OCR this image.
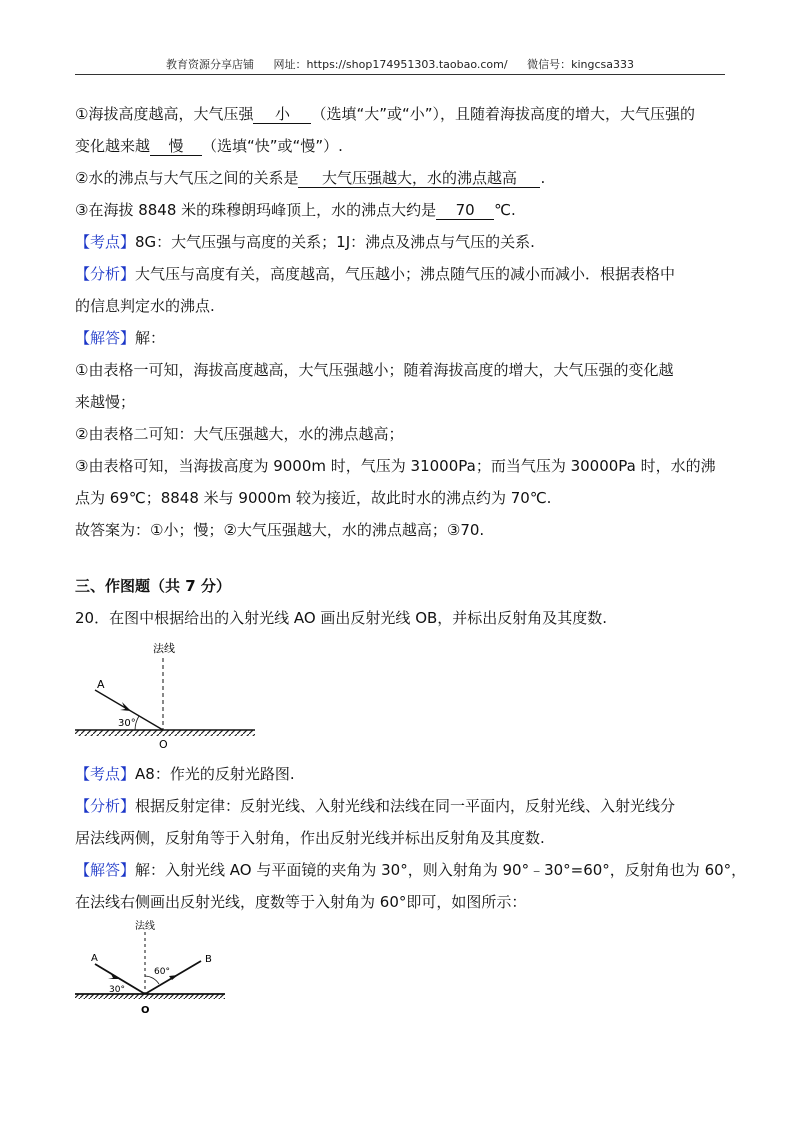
教育资源分享店铺 网址：https://shop174951303.taobao.com/ 微信号：kingcsa333
①海拔高度越高，大气压强 小 （选填“大”或“小”），且随着海拔高度的增大，大气压强的
变化越来越 慢 （选填“快”或“慢”）.
②水的沸点与大气压之间的关系是 大气压强越大，水的沸点越高 .
③在海拔 8848 米的珠穆朗玛峰顶上，水的沸点大约是 70 ℃.
【考点】8G：大气压强与高度的关系；1J：沸点及沸点与气压的关系.
【分析】大气压与高度有关，高度越高，气压越小；沸点随气压的减小而减小．根据表格中
的信息判定水的沸点.
【解答】解：
①由表格一可知，海拔高度越高，大气压强越小；随着海拔高度的增大，大气压强的变化越
来越慢；
②由表格二可知：大气压强越大，水的沸点越高；
③由表格可知，当海拔高度为 9000m 时，气压为 31000Pa；而当气压为 30000Pa 时，水的沸
点为 69℃；8848 米与 9000m 较为接近，故此时水的沸点约为 70℃.
故答案为：①小；慢；②大气压强越大，水的沸点越高；③70.
三、作图题（共 7 分）
20．在图中根据给出的入射光线 AO 画出反射光线 OB，并标出反射角及其度数.
法线
A
30°
O
【考点】A8：作光的反射光路图.
【分析】根据反射定律：反射光线、入射光线和法线在同一平面内，反射光线、入射光线分
居法线两侧，反射角等于入射角，作出反射光线并标出反射角及其度数.
【解答】解：入射光线 AO 与平面镜的夹角为 30°，则入射角为 90°﹣30°=60°，反射角也为 60°，
在法线右侧画出反射光线，度数等于入射角为 60°即可，如图所示：
法线
A	B
60°
30°
O
